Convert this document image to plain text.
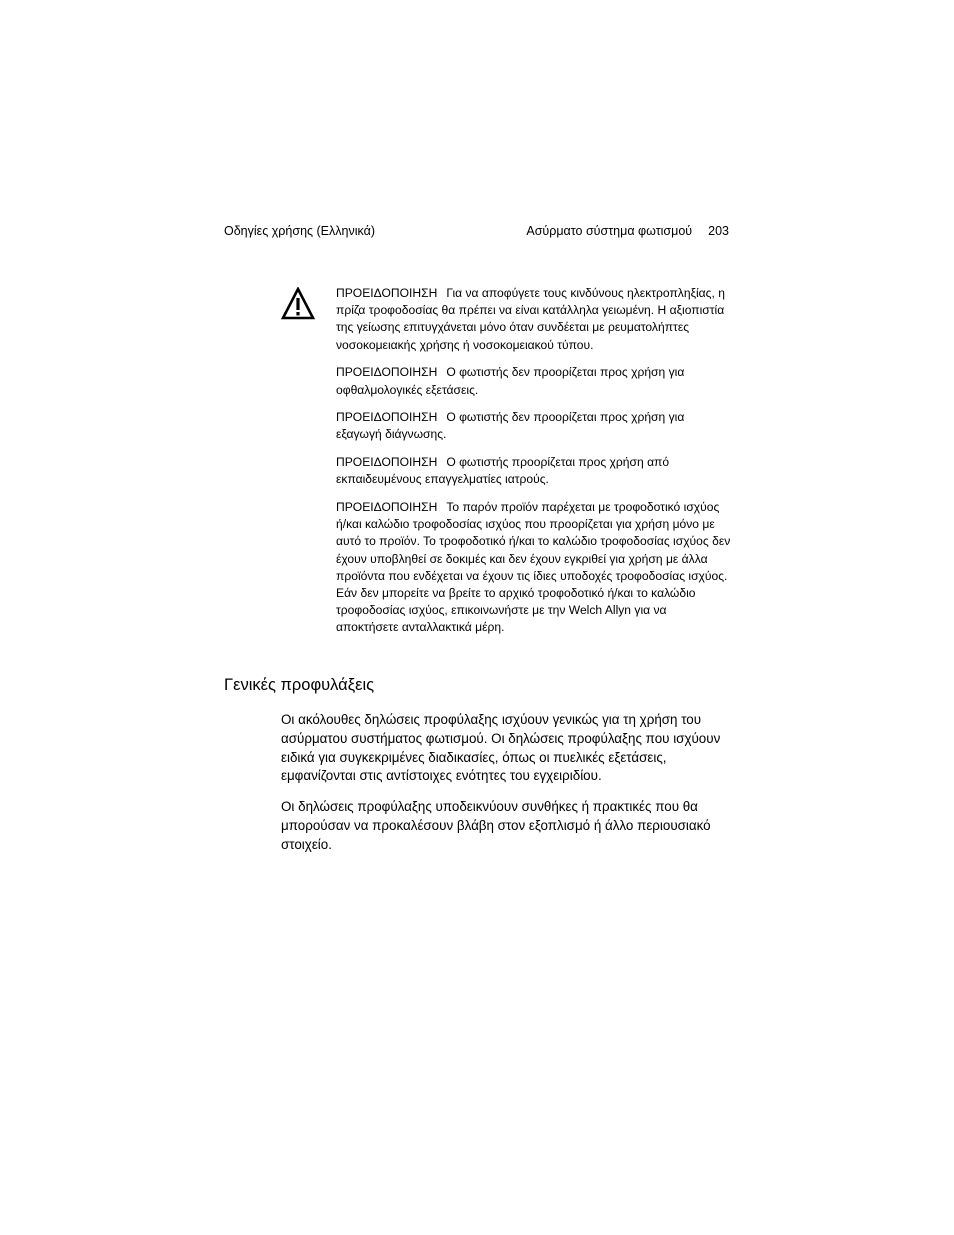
Οδηγίες χρήσης (Ελληνικά)	Ασύρματο σύστημα φωτισμού 203

ΠΡΟΕΙΔΟΠΟΙΗΣΗ Για να αποφύγετε τους κινδύνους ηλεκτροπληξίας, η πρίζα τροφοδοσίας θα πρέπει να είναι κατάλληλα γειωμένη. Η αξιοπιστία της γείωσης επιτυγχάνεται μόνο όταν συνδέεται με ρευματολήπτες νοσοκομειακής χρήσης ή νοσοκομειακού τύπου.

ΠΡΟΕΙΔΟΠΟΙΗΣΗ Ο φωτιστής δεν προορίζεται προς χρήση για οφθαλμολογικές εξετάσεις.

ΠΡΟΕΙΔΟΠΟΙΗΣΗ Ο φωτιστής δεν προορίζεται προς χρήση για εξαγωγή διάγνωσης.

ΠΡΟΕΙΔΟΠΟΙΗΣΗ Ο φωτιστής προορίζεται προς χρήση από εκπαιδευμένους επαγγελματίες ιατρούς.

ΠΡΟΕΙΔΟΠΟΙΗΣΗ Το παρόν προϊόν παρέχεται με τροφοδοτικό ισχύος ή/και καλώδιο τροφοδοσίας ισχύος που προορίζεται για χρήση μόνο με αυτό το προϊόν. Το τροφοδοτικό ή/και το καλώδιο τροφοδοσίας ισχύος δεν έχουν υποβληθεί σε δοκιμές και δεν έχουν εγκριθεί για χρήση με άλλα προϊόντα που ενδέχεται να έχουν τις ίδιες υποδοχές τροφοδοσίας ισχύος. Εάν δεν μπορείτε να βρείτε το αρχικό τροφοδοτικό ή/και το καλώδιο τροφοδοσίας ισχύος, επικοινωνήστε με την Welch Allyn για να αποκτήσετε ανταλλακτικά μέρη.

Γενικές προφυλάξεις

Οι ακόλουθες δηλώσεις προφύλαξης ισχύουν γενικώς για τη χρήση του ασύρματου συστήματος φωτισμού. Οι δηλώσεις προφύλαξης που ισχύουν ειδικά για συγκεκριμένες διαδικασίες, όπως οι πυελικές εξετάσεις, εμφανίζονται στις αντίστοιχες ενότητες του εγχειριδίου.

Οι δηλώσεις προφύλαξης υποδεικνύουν συνθήκες ή πρακτικές που θα μπορούσαν να προκαλέσουν βλάβη στον εξοπλισμό ή άλλο περιουσιακό στοιχείο.
